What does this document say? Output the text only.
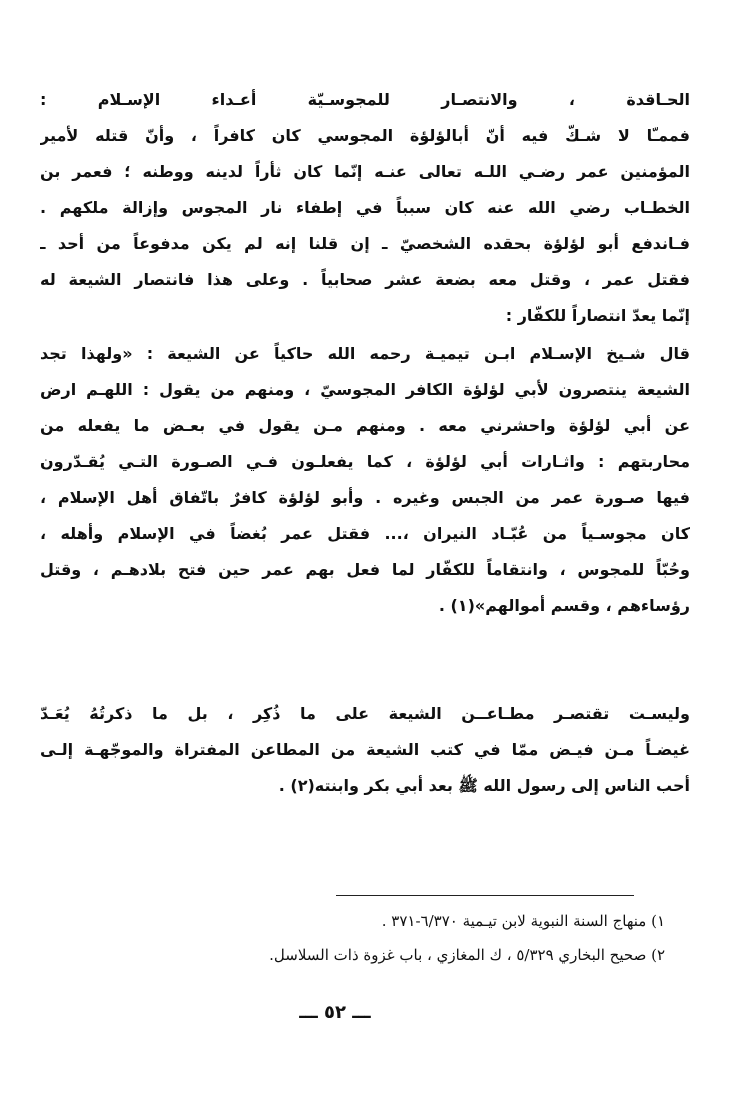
الحـاقدة ، والانتصـار للمجوسـيّة أعـداء الإسـلام :
فممـّا لا شـكّ فيه أنّ أبالؤلؤة المجوسي كان كافراً ، وأنّ قتله لأمير
المؤمنين عمر رضـي اللـه تعالى عنـه إنّما كان ثأراً لدينه ووطنه ؛ فعمر بن
الخطـاب رضي الله عنه كان سبباً في إطفاء نار المجوس وإزالة ملكهم .
فـاندفع أبو لؤلؤة بحقده الشخصيّ ـ إن قلنا إنه لم يكن مدفوعاً من أحد ـ
فقتل عمر ، وقتل معه بضعة عشر صحابياً . وعلى هذا فانتصار الشيعة له
إنّما يعدّ انتصاراً للكفّار :
قال شـيخ الإسـلام ابـن تيميـة رحمه الله حاكياً عن الشيعة : «ولهذا تجد
الشيعة ينتصرون لأبي لؤلؤة الكافر المجوسيّ ، ومنهم من يقول : اللهـم ارض
عن أبي لؤلؤة واحشرني معه . ومنهم مـن يقول في بعـض ما يفعله من
محاربتهم : واثـارات أبي لؤلؤة ، كما يفعلـون فـي الصـورة التـي يُقـدّرون
فيها صـورة عمر من الجبس وغيره . وأبو لؤلؤة كافرٌ باتّفاق أهل الإسلام ،
كان مجوسـياً من عُبّـاد النيران ،... فقتل عمر بُغضاً في الإسلام وأهله ،
وحُبّاً للمجوس ، وانتقاماً للكفّار لما فعل بهم عمر حين فتح بلادهـم ، وقتل
رؤساءهم ، وقسم أموالهم»(١) .
وليسـت تقتصـر مطـاعــن الشيعة على ما ذُكِر ، بل ما ذكرتُهُ يُعَـدّ
غيضـاً مـن فيـض ممّا في كتب الشيعة من المطاعن المفتراة والموجّهـة إلـى
أحب الناس إلى رسول الله ﷺ بعد أبي بكر وابنته(٢) .
١) منهاج السنة النبوية لابن تيـمية ٦/٣٧٠-٣٧١ .
٢) صحيح البخاري ٥/٣٢٩ ، ك المغازي ، باب غزوة ذات السلاسل.
ـــ ٥٢ ـــ
